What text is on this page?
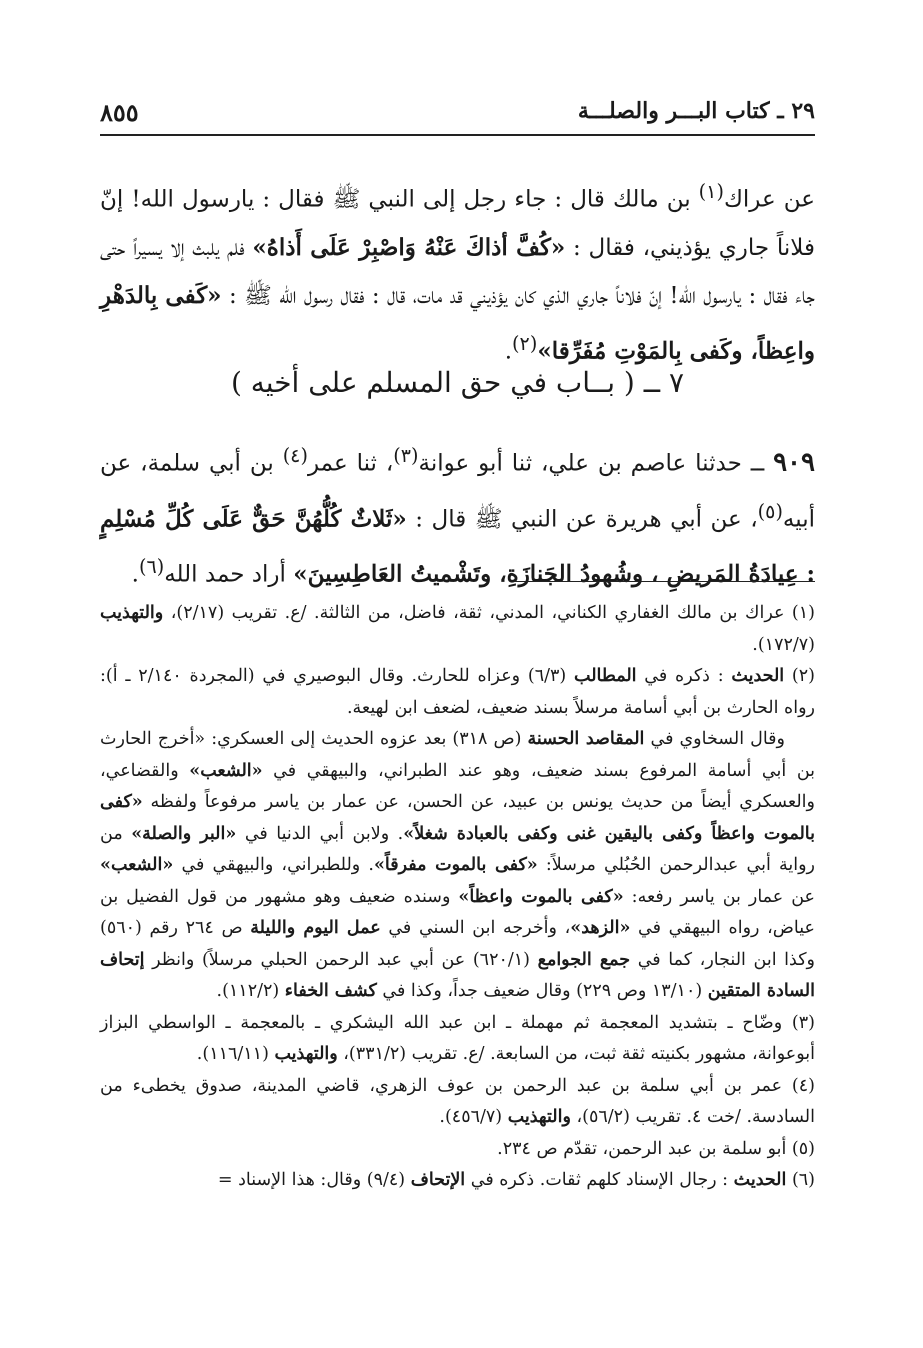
٢٩ ـ كتاب البـــر والصلـــة
٨٥٥

عن عراك$^{(١)}$ بن مالك قال : جاء رجل إلى النبي ﷺ فقال : يارسول الله! إنّ فلاناً جاري يؤذيني، فقال : «كُفَّ أذاكَ عَنْهُ وَاصْبِرْ عَلَى أَذاهُ» فلم يلبث إلا يسيراً حتى جاء فقال : يارسول الله! إنّ فلاناً جاري الذي كان يؤذيني قد مات، قال : فقال رسول الله ﷺ : «كَفى بِالدَهْرِ واعِظاً، وكَفى بِالمَوْتِ مُفَرِّقا»$^{(٢)}$.

٧ ــ ( بــاب في حق المسلم على أخيه )

٩٠٩ ــ حدثنا عاصم بن علي، ثنا أبو عوانة$^{(٣)}$، ثنا عمر$^{(٤)}$ بن أبي سلمة، عن أبيه$^{(٥)}$، عن أبي هريرة عن النبي ﷺ قال : «ثَلاثٌ كُلُّهُنَّ حَقٌّ عَلَى كُلِّ مُسْلِمٍ : عِيادَةُ المَريضِ ، وشُهودُ الجَنازَةِ، وتَشْميتُ العَاطِسِينَ» أراد حمد الله$^{(٦)}$.

(١) عراك بن مالك الغفاري الكناني، المدني، ثقة، فاضل، من الثالثة. /ع. تقريب (٢/١٧)، والتهذيب (١٧٢/٧).

(٢) الحديث : ذكره في المطالب (٦/٣) وعزاه للحارث. وقال البوصيري في (المجردة ٢/١٤٠ ـ أ): رواه الحارث بن أبي أسامة مرسلاً بسند ضعيف، لضعف ابن لهيعة.

وقال السخاوي في المقاصد الحسنة (ص ٣١٨) بعد عزوه الحديث إلى العسكري: «أخرج الحارث بن أبي أسامة المرفوع بسند ضعيف، وهو عند الطبراني، والبيهقي في «الشعب» والقضاعي، والعسكري أيضاً من حديث يونس بن عبيد، عن الحسن، عن عمار بن ياسر مرفوعاً ولفظه «كفى بالموت واعظاً وكفى باليقين غنى وكفى بالعبادة شغلاً». ولابن أبي الدنيا في «البر والصلة» من رواية أبي عبدالرحمن الحُبُلي مرسلاً: «كفى بالموت مفرقاً». وللطبراني، والبيهقي في «الشعب» عن عمار بن ياسر رفعه: «كفى بالموت واعظاً» وسنده ضعيف وهو مشهور من قول الفضيل بن عياض، رواه البيهقي في «الزهد»، وأخرجه ابن السني في عمل اليوم والليلة ص ٢٦٤ رقم (٥٦٠) وكذا ابن النجار، كما في جمع الجوامع (٦٢٠/١) عن أبي عبد الرحمن الحبلي مرسلاً) وانظر إتحاف السادة المتقين (١٣/١٠ وص ٢٢٩) وقال ضعيف جداً، وكذا في كشف الخفاء (١١٢/٢).

(٣) وضّاح ـ بتشديد المعجمة ثم مهملة ـ ابن عبد الله اليشكري ـ بالمعجمة ـ الواسطي البزاز أبوعوانة، مشهور بكنيته ثقة ثبت، من السابعة. /ع. تقريب (٣٣١/٢)، والتهذيب (١١٦/١١).

(٤) عمر بن أبي سلمة بن عبد الرحمن بن عوف الزهري، قاضي المدينة، صدوق يخطىء من السادسة. /خت ٤. تقريب (٥٦/٢)، والتهذيب (٤٥٦/٧).

(٥) أبو سلمة بن عبد الرحمن، تقدّم ص ٢٣٤.

(٦) الحديث : رجال الإسناد كلهم ثقات. ذكره في الإتحاف (٩/٤) وقال: هذا الإسناد =
